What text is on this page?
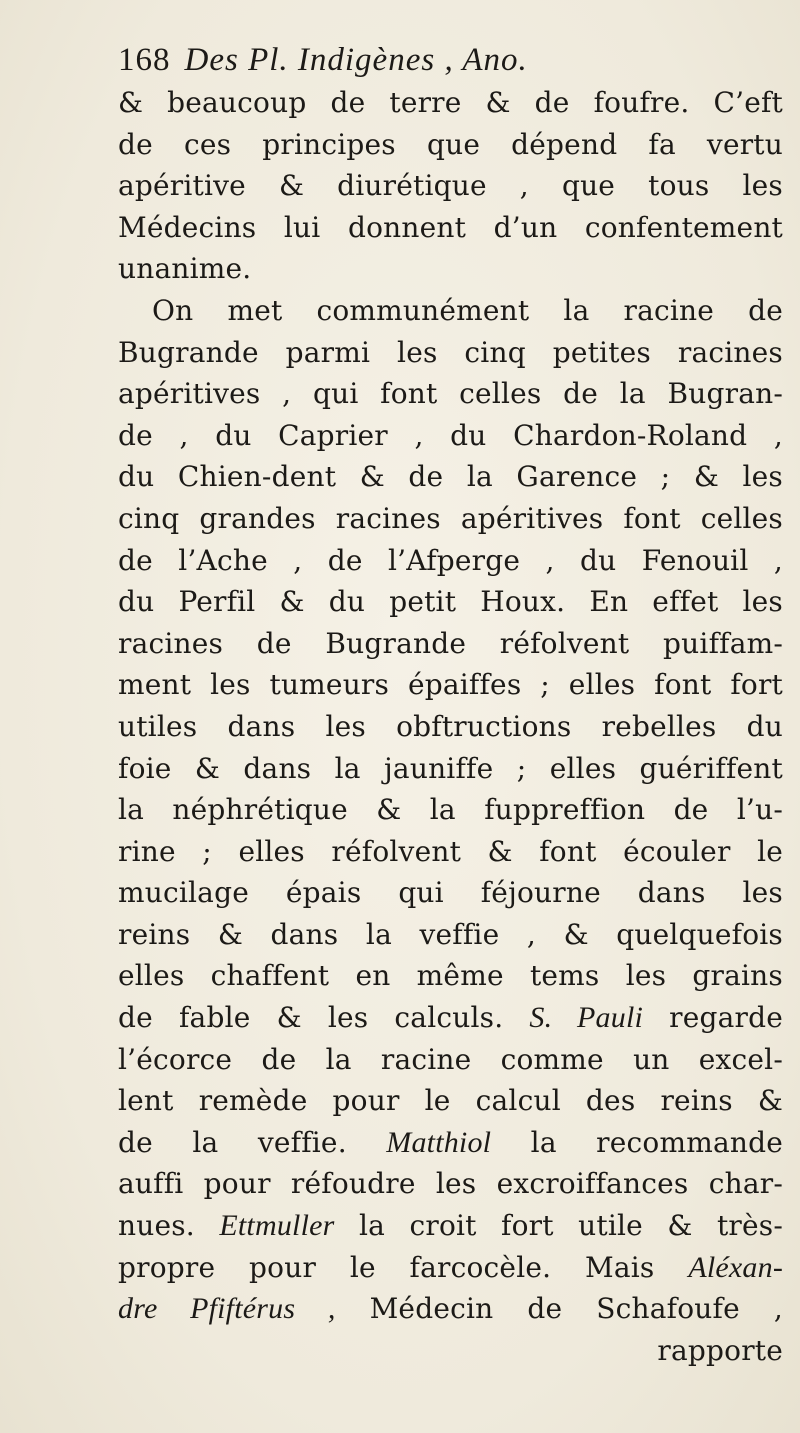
168 Des Pl. Indigènes , Ano.
& beaucoup de terre & de foufre. C’eft
de ces principes que dépend fa vertu
apéritive & diurétique , que tous les
Médecins lui donnent d’un confentement
unanime.
On met communément la racine de
Bugrande parmi les cinq petites racines
apéritives , qui font celles de la Bugran-
de , du Caprier , du Chardon-Roland ,
du Chien-dent & de la Garence ; & les
cinq grandes racines apéritives font celles
de l’Ache , de l’Afperge , du Fenouil ,
du Perfil & du petit Houx. En effet les
racines de Bugrande réfolvent puiffam-
ment les tumeurs épaiffes ; elles font fort
utiles dans les obftructions rebelles du
foie & dans la jauniffe ; elles guériffent
la néphrétique & la fuppreffion de l’u-
rine ; elles réfolvent & font écouler le
mucilage épais qui féjourne dans les
reins & dans la veffie , & quelquefois
elles chaffent en même tems les grains
de fable & les calculs. S. Pauli regarde
l’écorce de la racine comme un excel-
lent remède pour le calcul des reins &
de la veffie. Matthiol la recommande
auffi pour réfoudre les excroiffances char-
nues. Ettmuller la croit fort utile & très-
propre pour le farcocèle. Mais Aléxan-
dre Pfiftérus , Médecin de Schafoufe ,
rapporte
